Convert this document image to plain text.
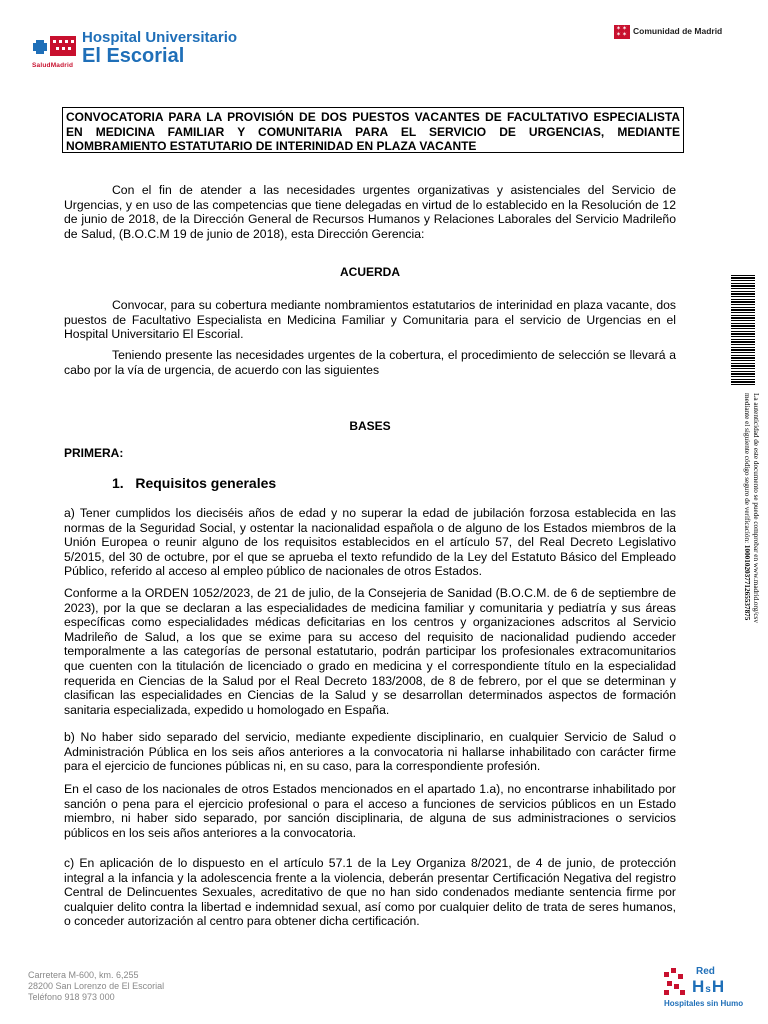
SaludMadrid
Hospital Universitario
El Escorial
✶ ✶
✶ ✶ Comunidad de Madrid
CONVOCATORIA PARA LA PROVISIÓN DE DOS PUESTOS VACANTES DE FACULTATIVO ESPECIALISTA EN MEDICINA FAMILIAR Y COMUNITARIA PARA EL SERVICIO DE URGENCIAS, MEDIANTE NOMBRAMIENTO ESTATUTARIO DE INTERINIDAD EN PLAZA VACANTE
Con el fin de atender a las necesidades urgentes organizativas y asistenciales del Servicio de Urgencias, y en uso de las competencias que tiene delegadas en virtud de lo establecido en la Resolución de 12 de junio de 2018, de la Dirección General de Recursos Humanos y Relaciones Laborales del Servicio Madrileño de Salud, (B.O.C.M 19 de junio de 2018), esta Dirección Gerencia:
ACUERDA
Convocar, para su cobertura mediante nombramientos estatutarios de interinidad en plaza vacante, dos puestos de Facultativo Especialista en Medicina Familiar y Comunitaria para el servicio de Urgencias en el Hospital Universitario El Escorial.
Teniendo presente las necesidades urgentes de la cobertura, el procedimiento de selección se llevará a cabo por la vía de urgencia, de acuerdo con las siguientes
BASES
PRIMERA:
1.   Requisitos generales
a) Tener cumplidos los dieciséis años de edad y no superar la edad de jubilación forzosa establecida en las normas de la Seguridad Social, y ostentar la nacionalidad española o de alguno de los Estados miembros de la Unión Europea o reunir alguno de los requisitos establecidos en el artículo 57, del Real Decreto Legislativo 5/2015, del 30 de octubre, por el que se aprueba el texto refundido de la Ley del Estatuto Básico del Empleado Público, referido al acceso al empleo público de nacionales de otros Estados.
Conforme a la ORDEN 1052/2023, de 21 de julio, de la Consejeria de Sanidad (B.O.C.M. de 6 de septiembre de 2023), por la que se declaran a las especialidades de medicina familiar y comunitaria y pediatría y sus áreas específicas como especialidades médicas deficitarias en los centros y organizaciones adscritos al Servicio Madrileño de Salud, a los que se exime para su acceso del requisito de nacionalidad pudiendo acceder temporalmente a las categorías de personal estatutario, podrán participar los profesionales extracomunitarios que cuenten con la titulación de licenciado o grado en medicina y el correspondiente título en la especialidad requerida en Ciencias de la Salud por el Real Decreto 183/2008, de 8 de febrero, por el que se determinan y clasifican las especialidades en Ciencias de la Salud y se desarrollan determinados aspectos de formación sanitaria especializada, expedido u homologado en España.
b) No haber sido separado del servicio, mediante expediente disciplinario, en cualquier Servicio de Salud o Administración Pública en los seis años anteriores a la convocatoria ni hallarse inhabilitado con carácter firme para el ejercicio de funciones públicas ni, en su caso, para la correspondiente profesión.
En el caso de los nacionales de otros Estados mencionados en el apartado 1.a), no encontrarse inhabilitado por sanción o pena para el ejercicio profesional o para el acceso a funciones de servicios públicos en un Estado miembro, ni haber sido separado, por sanción disciplinaria, de alguna de sus administraciones o servicios públicos en los seis años anteriores a la convocatoria.
c) En aplicación de lo dispuesto en el artículo 57.1 de la Ley Organiza 8/2021, de 4 de junio, de protección integral a la infancia y la adolescencia frente a la violencia, deberán presentar Certificación Negativa del registro Central de Delincuentes Sexuales, acreditativo de que no han sido condenados mediante sentencia firme por cualquier delito contra la libertad e indemnidad sexual, así como por cualquier delito de trata de seres humanos, o conceder autorización al centro para obtener dicha certificación.
La autenticidad de este documento se puede comprobar en www.madrid.org/csv
mediante el siguiente código seguro de verificación: 1000102037712655378​75
Carretera M-600, km. 6,255
28200 San Lorenzo de El Escorial
Teléfono 918 973 000
Red
HsH
Hospitales sin Humo
